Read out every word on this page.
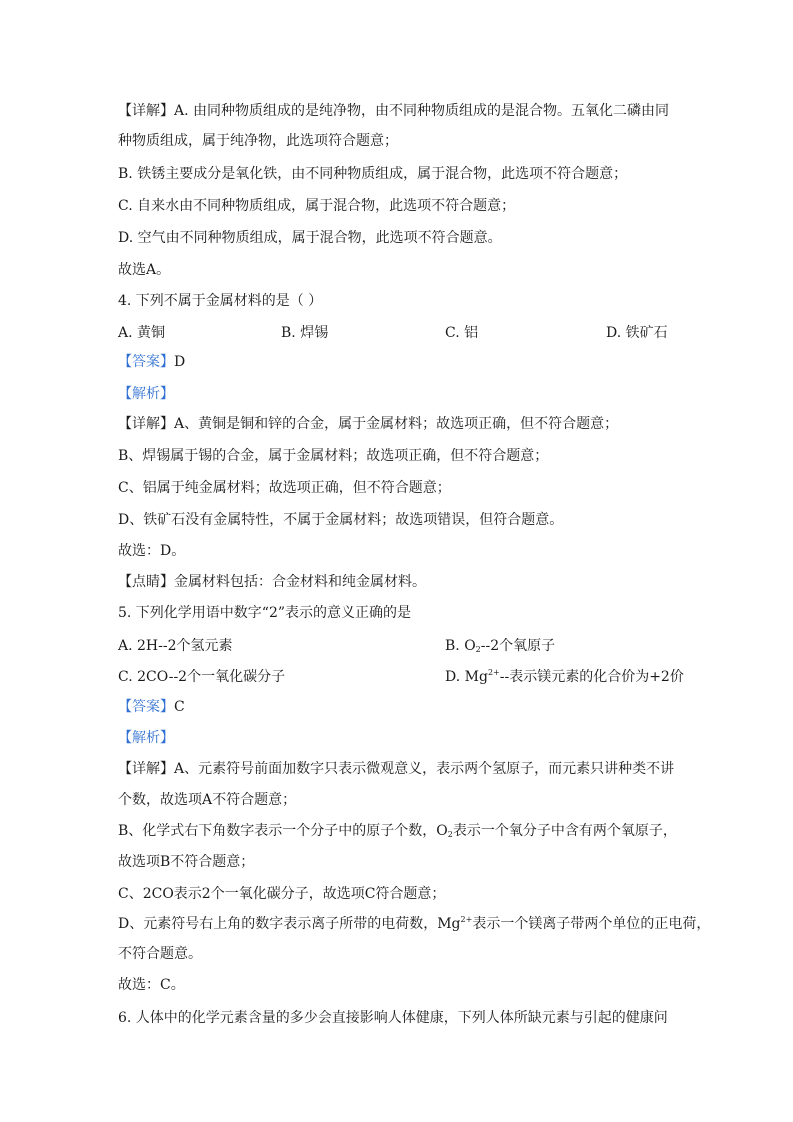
【详解】A. 由同种物质组成的是纯净物，由不同种物质组成的是混合物。五氧化二磷由同
种物质组成，属于纯净物，此选项符合题意；
B. 铁锈主要成分是氧化铁，由不同种物质组成，属于混合物，此选项不符合题意；
C. 自来水由不同种物质组成，属于混合物，此选项不符合题意；
D. 空气由不同种物质组成，属于混合物，此选项不符合题意。
故选A。
4. 下列不属于金属材料的是（ ）
A. 黄铜	B. 焊锡	C. 铝	D. 铁矿石
【答案】D
【解析】
【详解】A、黄铜是铜和锌的合金，属于金属材料；故选项正确，但不符合题意；
B、焊锡属于锡的合金，属于金属材料；故选项正确，但不符合题意；
C、铝属于纯金属材料；故选项正确，但不符合题意；
D、铁矿石没有金属特性，不属于金属材料；故选项错误，但符合题意。
故选：D。
【点睛】金属材料包括：合金材料和纯金属材料。
5. 下列化学用语中数字“2”表示的意义正确的是
A. 2H--2个氢元素	B. $O_2--2$个氧原子
C. 2CO--2个一氧化碳分子	D. $Mg^{2+}--$表示镁元素的化合价为+2价
【答案】C
【解析】
【详解】A、元素符号前面加数字只表示微观意义，表示两个氢原子，而元素只讲种类不讲
个数，故选项A不符合题意；
B、化学式右下角数字表示一个分子中的原子个数，$O_2$表示一个氧分子中含有两个氧原子，
故选项B不符合题意；
C、2CO表示2个一氧化碳分子，故选项C符合题意；
D、元素符号右上角的数字表示离子所带的电荷数，$Mg^{2+}$表示一个镁离子带两个单位的正电荷，
不符合题意。
故选：C。
6. 人体中的化学元素含量的多少会直接影响人体健康，下列人体所缺元素与引起的健康问
